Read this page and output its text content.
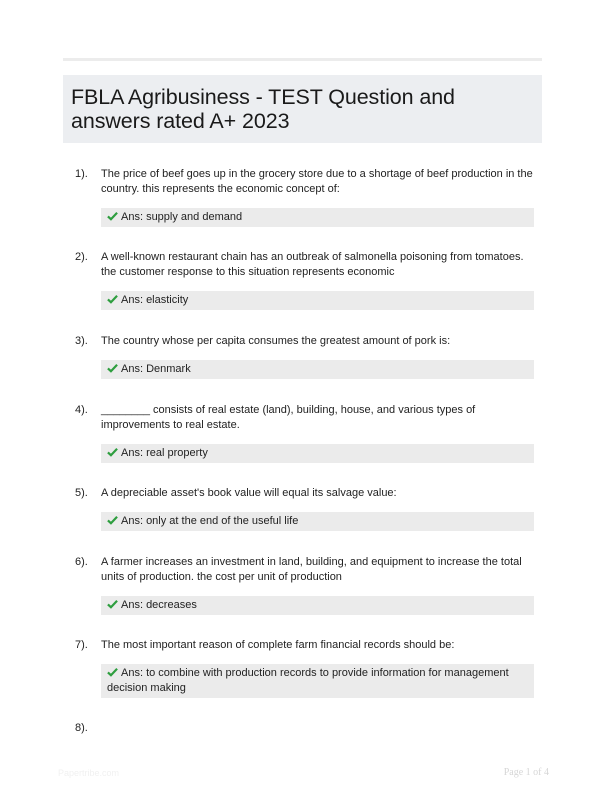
FBLA Agribusiness - TEST Question and answers rated A+ 2023
1). The price of beef goes up in the grocery store due to a shortage of beef production in the country. this represents the economic concept of:
Ans: supply and demand
2). A well-known restaurant chain has an outbreak of salmonella poisoning from tomatoes. the customer response to this situation represents economic
Ans: elasticity
3). The country whose per capita consumes the greatest amount of pork is:
Ans: Denmark
4). ________ consists of real estate (land), building, house, and various types of improvements to real estate.
Ans: real property
5). A depreciable asset's book value will equal its salvage value:
Ans: only at the end of the useful life
6). A farmer increases an investment in land, building, and equipment to increase the total units of production. the cost per unit of production
Ans: decreases
7). The most important reason of complete farm financial records should be:
Ans: to combine with production records to provide information for management decision making
8).
Papertribe.com	Page 1 of 4
